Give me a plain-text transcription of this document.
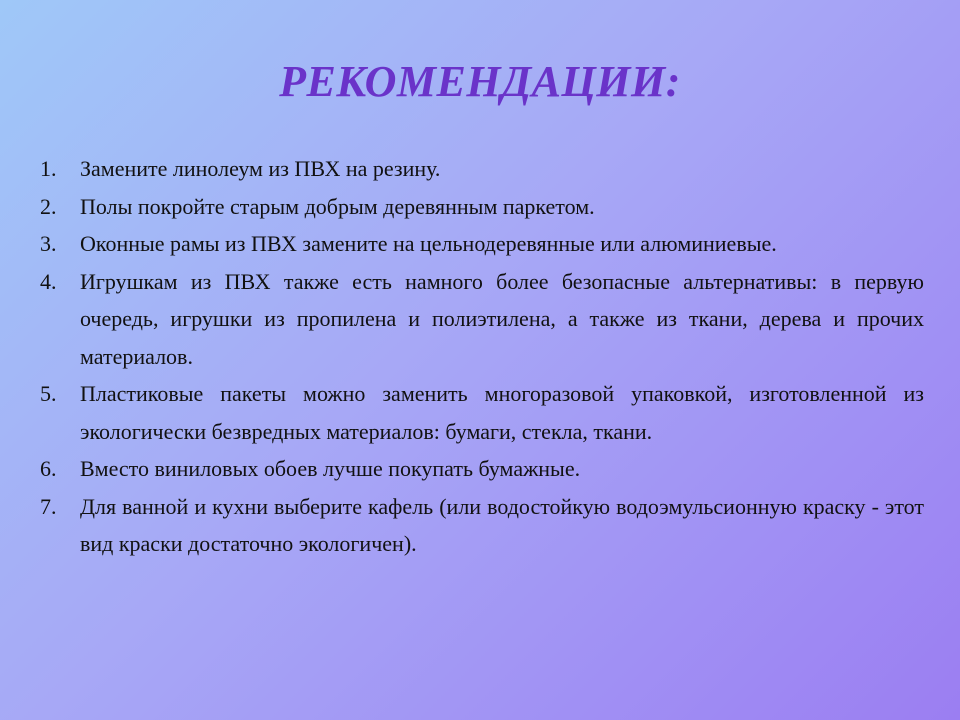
РЕКОМЕНДАЦИИ:
1.	Замените линолеум из ПВХ на резину.
2.	Полы покройте старым добрым деревянным паркетом.
3.	Оконные рамы из ПВХ замените на цельнодеревянные или алюминиевые.
4.	Игрушкам из ПВХ также есть намного более безопасные альтернативы: в первую очередь, игрушки из пропилена и полиэтилена, а также из ткани, дерева и прочих материалов.
5.	Пластиковые пакеты можно заменить многоразовой упаковкой, изготовленной из экологически безвредных материалов: бумаги, стекла, ткани.
6.	Вместо виниловых обоев лучше покупать бумажные.
7.	Для ванной и кухни выберите кафель (или водостойкую водоэмульсионную краску - этот вид краски достаточно экологичен).
